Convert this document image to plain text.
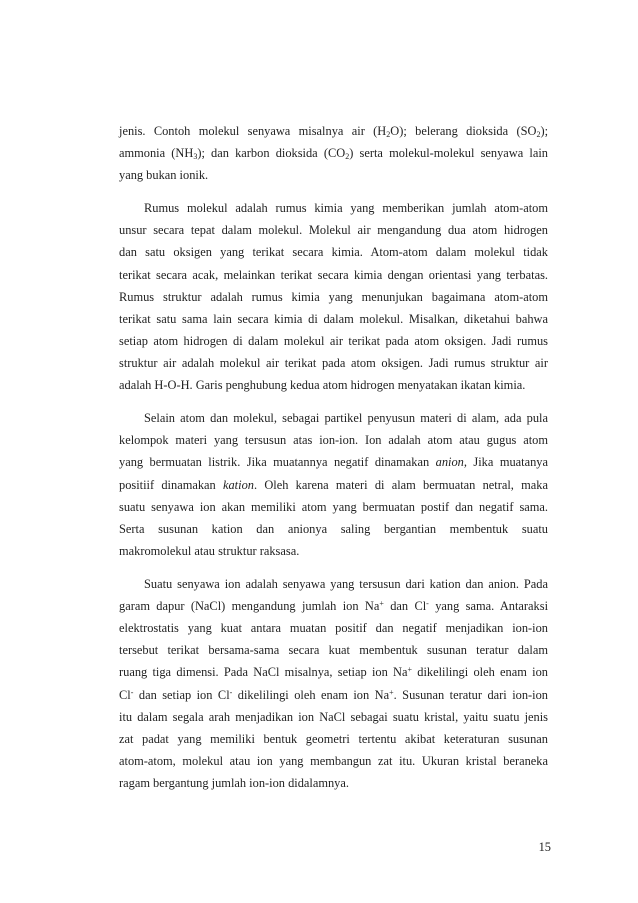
jenis. Contoh molekul senyawa misalnya air $(H_2O)$; belerang dioksida $(SO_2)$;
ammonia $(NH_3)$; dan karbon dioksida $(CO_2)$ serta molekul-molekul senyawa lain
yang bukan ionik.
Rumus molekul adalah rumus kimia yang memberikan jumlah atom-atom
unsur secara tepat dalam molekul. Molekul air mengandung dua atom hidrogen
dan satu oksigen yang terikat secara kimia. Atom-atom dalam molekul tidak
terikat secara acak, melainkan terikat secara kimia dengan orientasi yang terbatas.
Rumus struktur adalah rumus kimia yang menunjukan bagaimana atom-atom
terikat satu sama lain secara kimia di dalam molekul. Misalkan, diketahui bahwa
setiap atom hidrogen di dalam molekul air terikat pada atom oksigen. Jadi rumus
struktur air adalah molekul air terikat pada atom oksigen. Jadi rumus struktur air
adalah H-O-H. Garis penghubung kedua atom hidrogen menyatakan ikatan kimia.
Selain atom dan molekul, sebagai partikel penyusun materi di alam, ada pula
kelompok materi yang tersusun atas ion-ion. Ion adalah atom atau gugus atom
yang bermuatan listrik. Jika muatannya negatif dinamakan anion, Jika muatanya
positiif dinamakan kation. Oleh karena materi di alam bermuatan netral, maka
suatu senyawa ion akan memiliki atom yang bermuatan postif dan negatif sama.
Serta susunan kation dan anionya saling bergantian membentuk suatu
makromolekul atau struktur raksasa.
Suatu senyawa ion adalah senyawa yang tersusun dari kation dan anion. Pada
garam dapur (NaCl) mengandung jumlah ion Na+ dan Cl- yang sama. Antaraksi
elektrostatis yang kuat antara muatan positif dan negatif menjadikan ion-ion
tersebut terikat bersama-sama secara kuat membentuk susunan teratur dalam
ruang tiga dimensi. Pada NaCl misalnya, setiap ion Na+ dikelilingi oleh enam ion
Cl- dan setiap ion Cl- dikelilingi oleh enam ion Na+. Susunan teratur dari ion-ion
itu dalam segala arah menjadikan ion NaCl sebagai suatu kristal, yaitu suatu jenis
zat padat yang memiliki bentuk geometri tertentu akibat keteraturan susunan
atom-atom, molekul atau ion yang membangun zat itu. Ukuran kristal beraneka
ragam bergantung jumlah ion-ion didalamnya.
15
